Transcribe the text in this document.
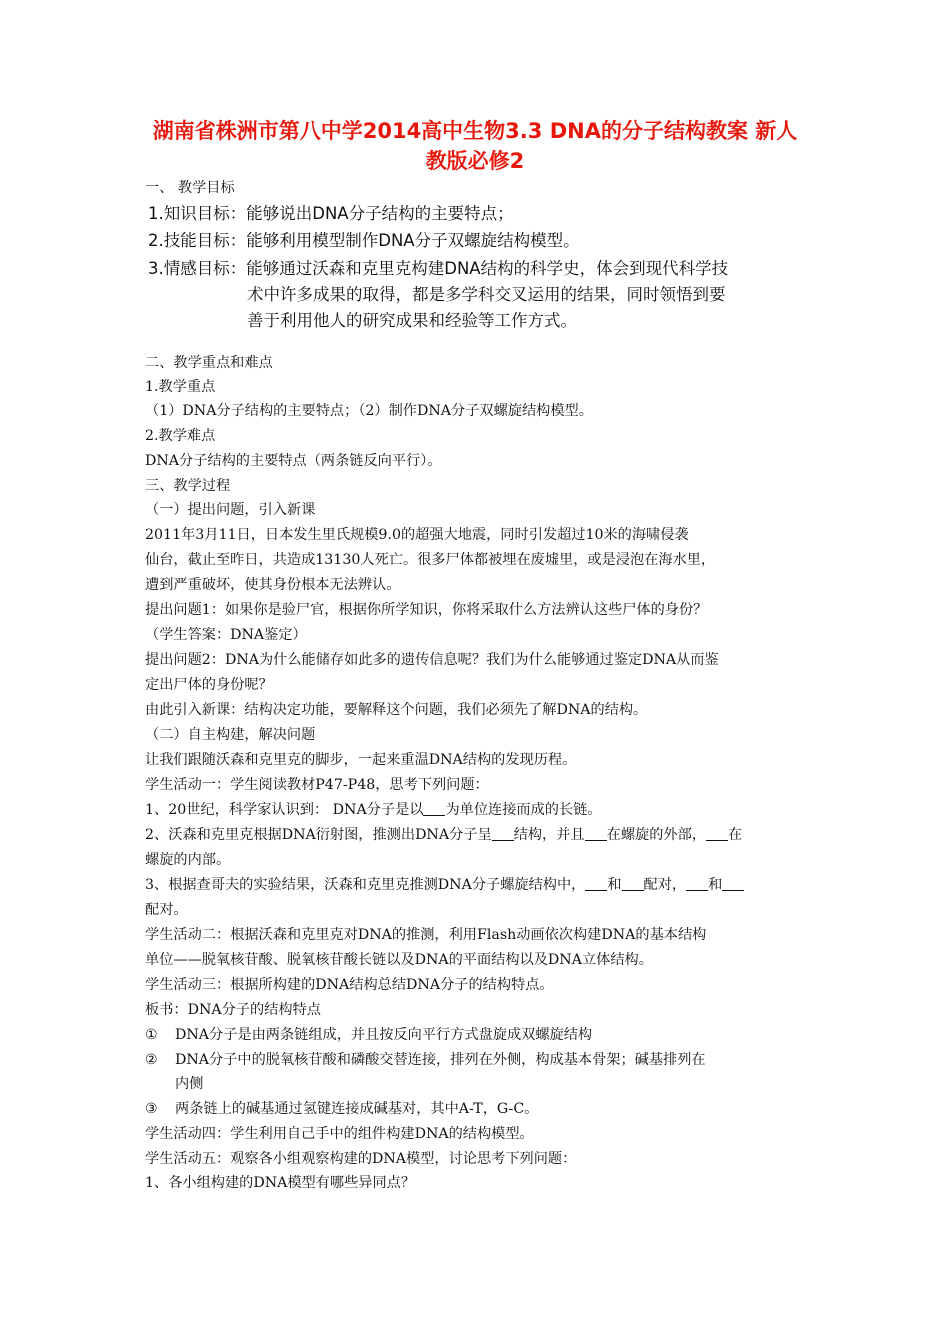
湖南省株洲市第八中学2014高中生物3.3 DNA的分子结构教案 新人
教版必修2
一、 教学目标
1.知识目标：能够说出DNA分子结构的主要特点；
2.技能目标：能够利用模型制作DNA分子双螺旋结构模型。
3.情感目标：能够通过沃森和克里克构建DNA结构的科学史，体会到现代科学技
术中许多成果的取得，都是多学科交叉运用的结果，同时领悟到要
善于利用他人的研究成果和经验等工作方式。
二、教学重点和难点
1.教学重点
（1）DNA分子结构的主要特点；（2）制作DNA分子双螺旋结构模型。
2.教学难点
DNA分子结构的主要特点（两条链反向平行）。
三、教学过程
（一）提出问题，引入新课
2011年3月11日，日本发生里氏规模9.0的超强大地震，同时引发超过10米的海啸侵袭
仙台，截止至昨日，共造成13130人死亡。很多尸体都被埋在废墟里，或是浸泡在海水里，
遭到严重破坏，使其身份根本无法辨认。
提出问题1：如果你是验尸官，根据你所学知识，你将采取什么方法辨认这些尸体的身份？
（学生答案：DNA鉴定）
提出问题2：DNA为什么能储存如此多的遗传信息呢？我们为什么能够通过鉴定DNA从而鉴
定出尸体的身份呢？
由此引入新课：结构决定功能，要解释这个问题，我们必须先了解DNA的结构。
（二）自主构建，解决问题
让我们跟随沃森和克里克的脚步，一起来重温DNA结构的发现历程。
学生活动一：学生阅读教材P47-P48，思考下列问题：
1、20世纪，科学家认识到： DNA分子是以 为单位连接而成的长链。
2、沃森和克里克根据DNA衍射图，推测出DNA分子呈 结构，并且 在螺旋的外部， 在
螺旋的内部。
3、根据查哥夫的实验结果，沃森和克里克推测DNA分子螺旋结构中， 和 配对， 和
配对。
学生活动二：根据沃森和克里克对DNA的推测，利用Flash动画依次构建DNA的基本结构
单位——脱氧核苷酸、脱氧核苷酸长链以及DNA的平面结构以及DNA立体结构。
学生活动三：根据所构建的DNA结构总结DNA分子的结构特点。
板书：DNA分子的结构特点
① DNA分子是由两条链组成，并且按反向平行方式盘旋成双螺旋结构
② DNA分子中的脱氧核苷酸和磷酸交替连接，排列在外侧，构成基本骨架；碱基排列在
内侧
③ 两条链上的碱基通过氢键连接成碱基对，其中A-T，G-C。
学生活动四：学生利用自己手中的组件构建DNA的结构模型。
学生活动五：观察各小组观察构建的DNA模型，讨论思考下列问题：
1、各小组构建的DNA模型有哪些异同点？
